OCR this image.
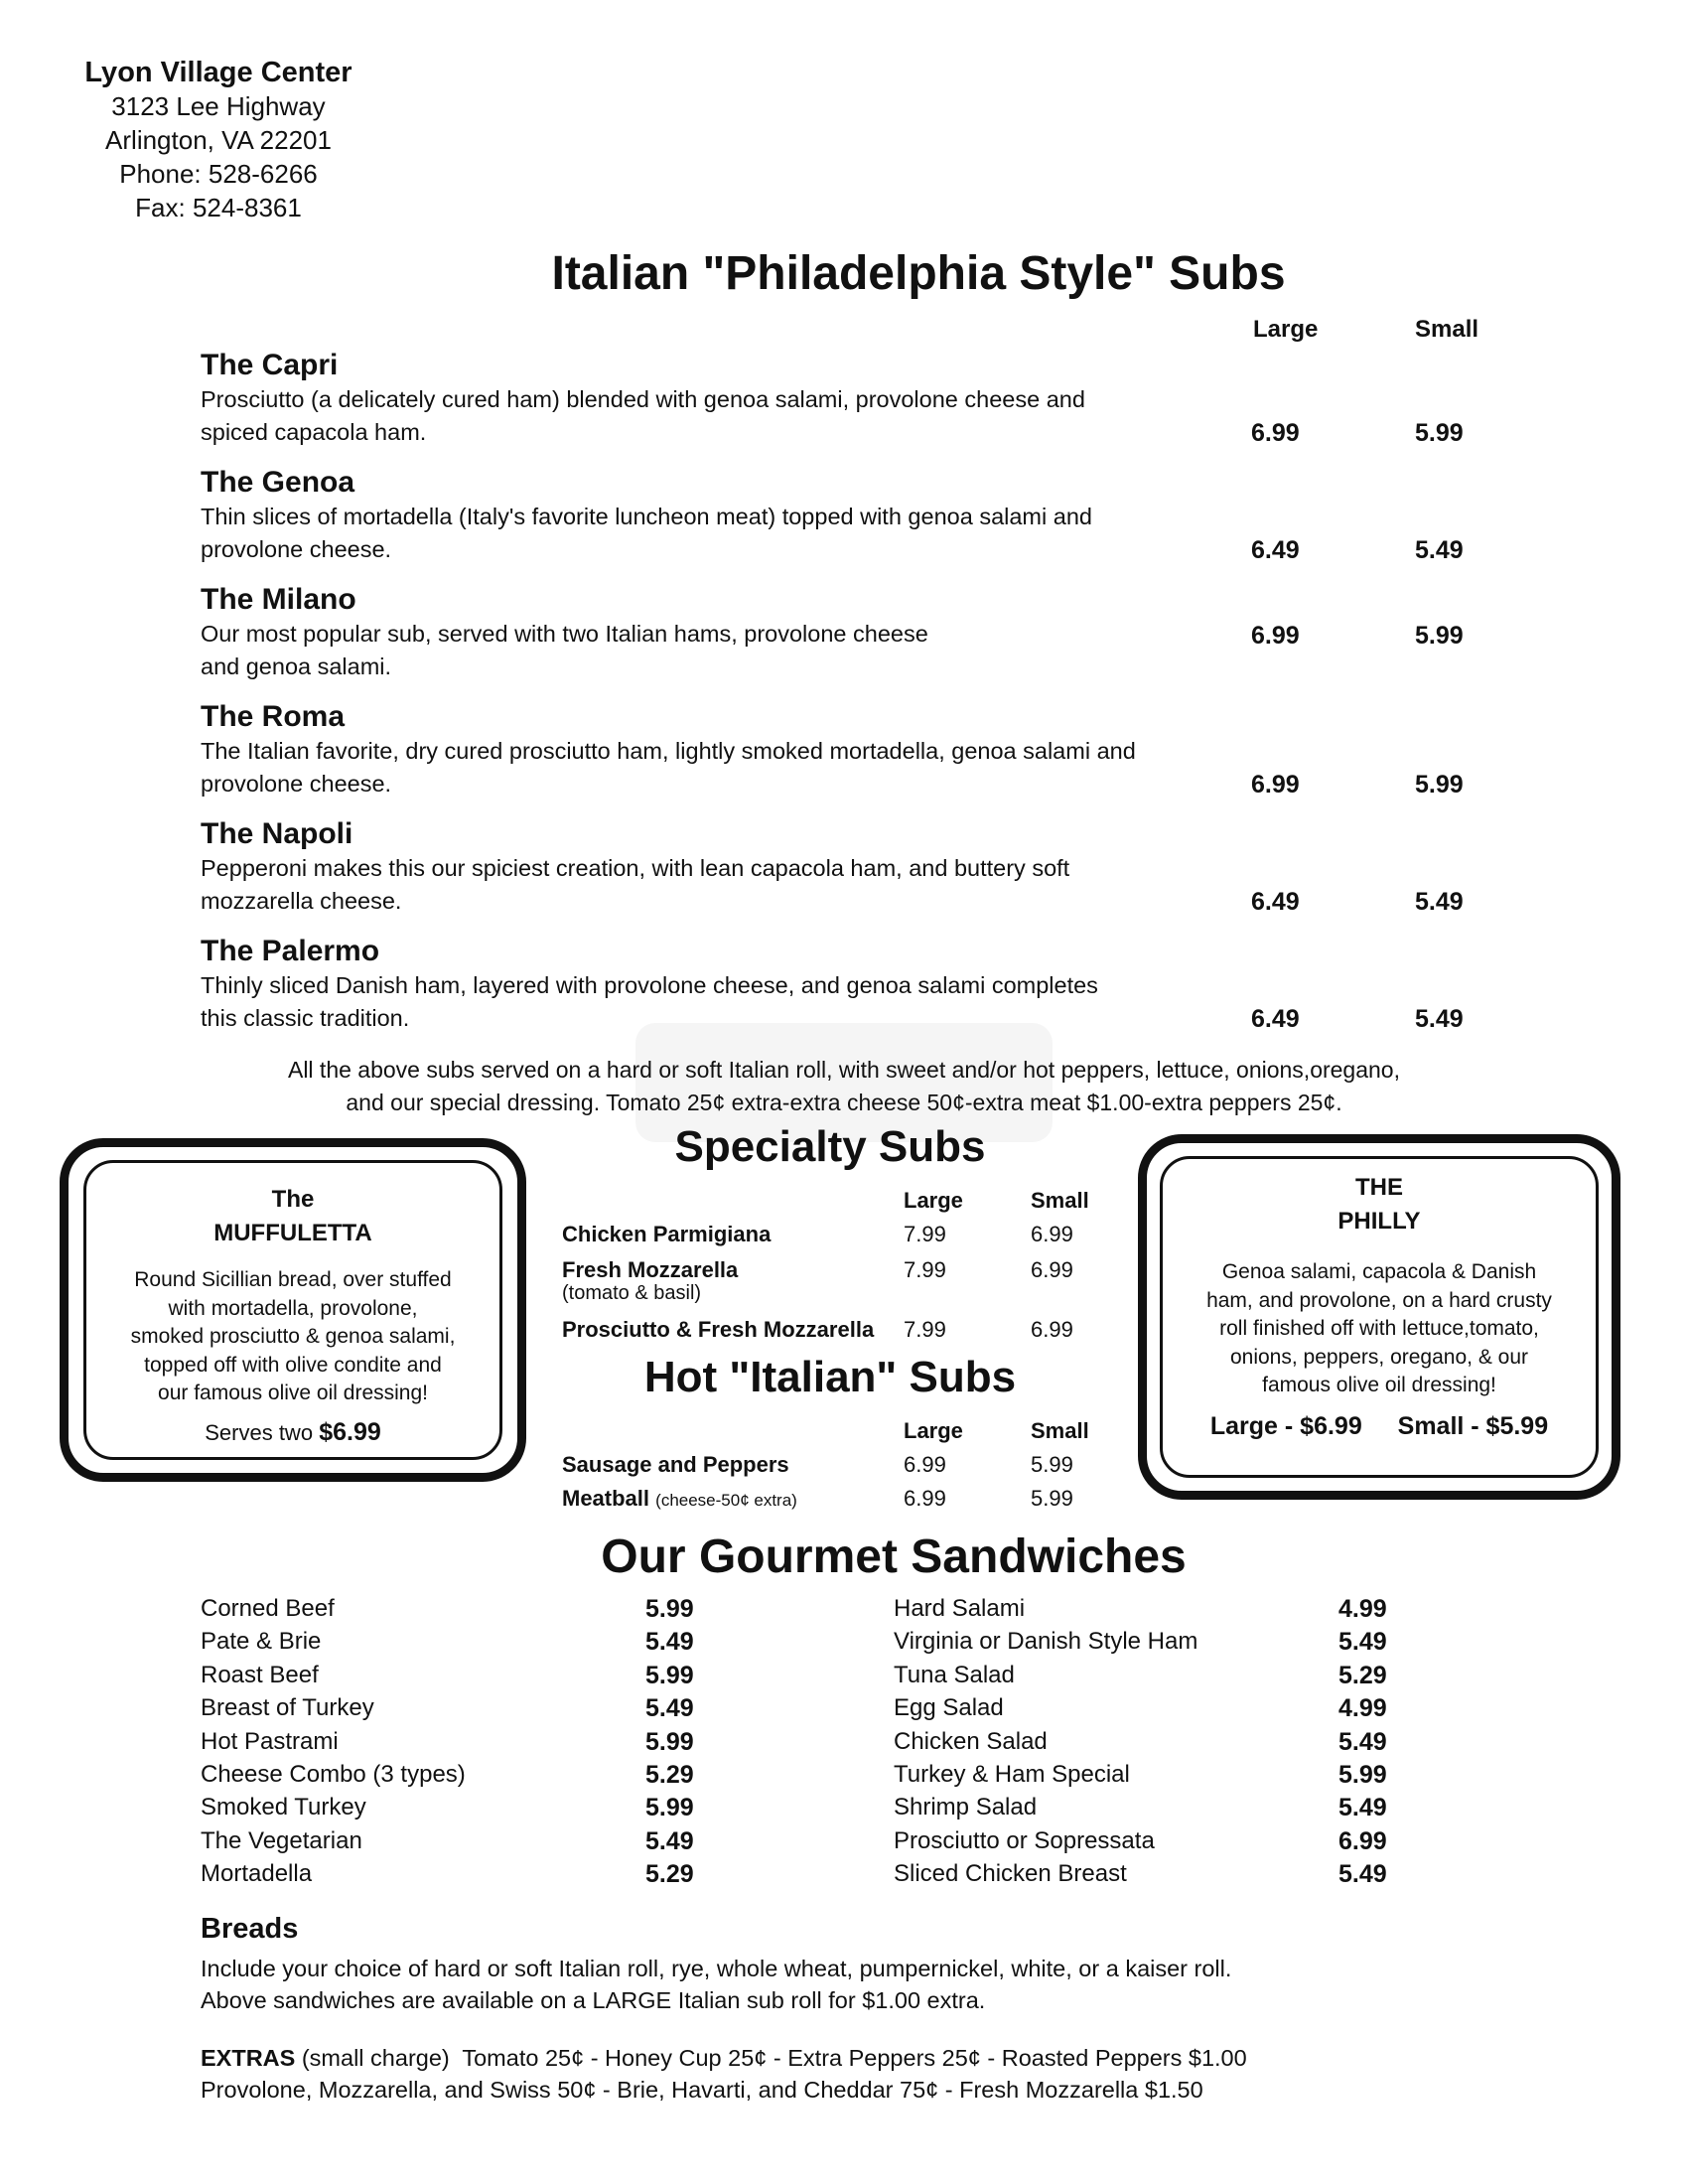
Lyon Village Center
3123 Lee Highway
Arlington, VA 22201
Phone: 528-6266
Fax: 524-8361
Italian "Philadelphia Style" Subs
Large	Small
The Capri
Prosciutto (a delicately cured ham) blended with genoa salami, provolone cheese and
spiced capacola ham.	6.99	5.99
The Genoa
Thin slices of mortadella (Italy's favorite luncheon meat) topped with genoa salami and
provolone cheese.	6.49	5.49
The Milano
Our most popular sub, served with two Italian hams, provolone cheese
and genoa salami.
6.99	5.99
The Roma
The Italian favorite, dry cured prosciutto ham, lightly smoked mortadella, genoa salami and
provolone cheese.	6.99	5.99
The Napoli
Pepperoni makes this our spiciest creation, with lean capacola ham, and buttery soft
mozzarella cheese.	6.49	5.49
The Palermo
Thinly sliced Danish ham, layered with provolone cheese, and genoa salami completes
this classic tradition.	6.49	5.49
All the above subs served on a hard or soft Italian roll, with sweet and/or hot peppers, lettuce, onions,oregano,
and our special dressing. Tomato 25¢ extra-extra cheese 50¢-extra meat $1.00-extra peppers 25¢.
The
MUFFULETTA
Round Sicillian bread, over stuffed
with mortadella, provolone,
smoked prosciutto & genoa salami,
topped off with olive condite and
our famous olive oil dressing!
Serves two $6.99
THE
PHILLY
Genoa salami, capacola & Danish
ham, and provolone, on a hard crusty
roll finished off with lettuce,tomato,
onions, peppers, oregano, & our
famous olive oil dressing!
Large - $6.99 Small - $5.99
Specialty Subs
Large	Small
Chicken Parmigiana	7.99	6.99
Fresh Mozzarella
(tomato & basil)
7.99	6.99
Prosciutto & Fresh Mozzarella	7.99	6.99
Hot "Italian" Subs
Large	Small
Sausage and Peppers	6.99	5.99
Meatball (cheese-50¢ extra)	6.99	5.99
Our Gourmet Sandwiches
Corned Beef	5.99
Pate & Brie	5.49
Roast Beef	5.99
Breast of Turkey	5.49
Hot Pastrami	5.99
Cheese Combo (3 types)	5.29
Smoked Turkey	5.99
The Vegetarian	5.49
Mortadella	5.29
Hard Salami	4.99
Virginia or Danish Style Ham	5.49
Tuna Salad	5.29
Egg Salad	4.99
Chicken Salad	5.49
Turkey & Ham Special	5.99
Shrimp Salad	5.49
Prosciutto or Sopressata	6.99
Sliced Chicken Breast	5.49
Breads
Include your choice of hard or soft Italian roll, rye, whole wheat, pumpernickel, white, or a kaiser roll.
Above sandwiches are available on a LARGE Italian sub roll for $1.00 extra.
EXTRAS (small charge)  Tomato 25¢ - Honey Cup 25¢ - Extra Peppers 25¢ - Roasted Peppers $1.00
Provolone, Mozzarella, and Swiss 50¢ - Brie, Havarti, and Cheddar 75¢ - Fresh Mozzarella $1.50
